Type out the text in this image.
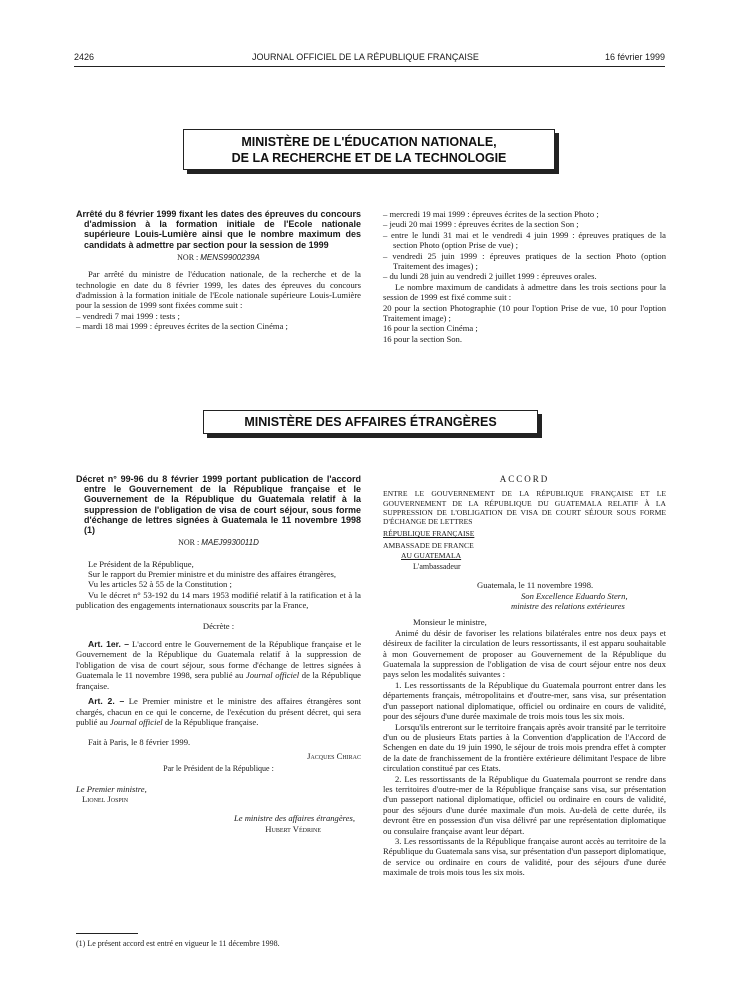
2426	JOURNAL OFFICIEL DE LA RÉPUBLIQUE FRANÇAISE	16 février 1999
MINISTÈRE DE L'ÉDUCATION NATIONALE,
DE LA RECHERCHE ET DE LA TECHNOLOGIE
Arrêté du 8 février 1999 fixant les dates des épreuves du concours d'admission à la formation initiale de l'Ecole nationale supérieure Louis-Lumière ainsi que le nombre maximum des candidats à admettre par section pour la session de 1999
NOR : MENS9900239A

Par arrêté du ministre de l'éducation nationale, de la recherche et de la technologie en date du 8 février 1999, les dates des épreuves du concours d'admission à la formation initiale de l'Ecole nationale supérieure Louis-Lumière pour la session de 1999 sont fixées comme suit :

– vendredi 7 mai 1999 : tests ;

– mardi 18 mai 1999 : épreuves écrites de la section Cinéma ;

– mercredi 19 mai 1999 : épreuves écrites de la section Photo ;

– jeudi 20 mai 1999 : épreuves écrites de la section Son ;

– entre le lundi 31 mai et le vendredi 4 juin 1999 : épreuves pratiques de la section Photo (option Prise de vue) ;

– vendredi 25 juin 1999 : épreuves pratiques de la section Photo (option Traitement des images) ;

– du lundi 28 juin au vendredi 2 juillet 1999 : épreuves orales.

Le nombre maximum de candidats à admettre dans les trois sections pour la session de 1999 est fixé comme suit :

20 pour la section Photographie (10 pour l'option Prise de vue, 10 pour l'option Traitement image) ;

16 pour la section Cinéma ;

16 pour la section Son.

MINISTÈRE DES AFFAIRES ÉTRANGÈRES
Décret n° 99-96 du 8 février 1999 portant publication de l'accord entre le Gouvernement de la République française et le Gouvernement de la République du Guatemala relatif à la suppression de l'obligation de visa de court séjour, sous forme d'échange de lettres signées à Guatemala le 11 novembre 1998 (1)
NOR : MAEJ9930011D

Le Président de la République,

Sur le rapport du Premier ministre et du ministre des affaires étrangères,

Vu les articles 52 à 55 de la Constitution ;

Vu le décret n° 53-192 du 14 mars 1953 modifié relatif à la ratification et à la publication des engagements internationaux souscrits par la France,

Décrète :

Art. 1er. – L'accord entre le Gouvernement de la République française et le Gouvernement de la République du Guatemala relatif à la suppression de l'obligation de visa de court séjour, sous forme d'échange de lettres signées à Guatemala le 11 novembre 1998, sera publié au Journal officiel de la République française.

Art. 2. – Le Premier ministre et le ministre des affaires étrangères sont chargés, chacun en ce qui le concerne, de l'exécution du présent décret, qui sera publié au Journal officiel de la République française.

Fait à Paris, le 8 février 1999.

Jacques Chirac

Par le Président de la République :

Le Premier ministre,

Lionel Jospin

Le ministre des affaires étrangères,

Hubert Védrine

(1) Le présent accord est entré en vigueur le 11 décembre 1998.

ACCORD

ENTRE LE GOUVERNEMENT DE LA RÉPUBLIQUE FRANÇAISE ET LE GOUVERNEMENT DE LA RÉPUBLIQUE DU GUATEMALA RELATIF À LA SUPPRESSION DE L'OBLIGATION DE VISA DE COURT SÉJOUR SOUS FORME D'ÉCHANGE DE LETTRES

RÉPUBLIQUE FRANÇAISE

AMBASSADE DE FRANCE

AU GUATEMALA

L'ambassadeur

Guatemala, le 11 novembre 1998.

Son Excellence Eduardo Stern,

ministre des relations extérieures

Monsieur le ministre,

Animé du désir de favoriser les relations bilatérales entre nos deux pays et désireux de faciliter la circulation de leurs ressortissants, il est apparu souhaitable à mon Gouvernement de proposer au Gouvernement de la République du Guatemala la suppression de l'obligation de visa de court séjour entre nos deux pays selon les modalités suivantes :

1. Les ressortissants de la République du Guatemala pourront entrer dans les départements français, métropolitains et d'outre-mer, sans visa, sur présentation d'un passeport national diplomatique, officiel ou ordinaire en cours de validité, pour des séjours d'une durée maximale de trois mois tous les six mois.

Lorsqu'ils entreront sur le territoire français après avoir transité par le territoire d'un ou de plusieurs Etats parties à la Convention d'application de l'Accord de Schengen en date du 19 juin 1990, le séjour de trois mois prendra effet à compter de la date de franchissement de la frontière extérieure délimitant l'espace de libre circulation constitué par ces Etats.

2. Les ressortissants de la République du Guatemala pourront se rendre dans les territoires d'outre-mer de la République française sans visa, sur présentation d'un passeport national diplomatique, officiel ou ordinaire en cours de validité, pour des séjours d'une durée maximale d'un mois. Au-delà de cette durée, ils devront être en possession d'un visa délivré par une représentation diplomatique ou consulaire française avant leur départ.

3. Les ressortissants de la République française auront accès au territoire de la République du Guatemala sans visa, sur présentation d'un passeport diplomatique, de service ou ordinaire en cours de validité, pour des séjours d'une durée maximale de trois mois tous les six mois.
